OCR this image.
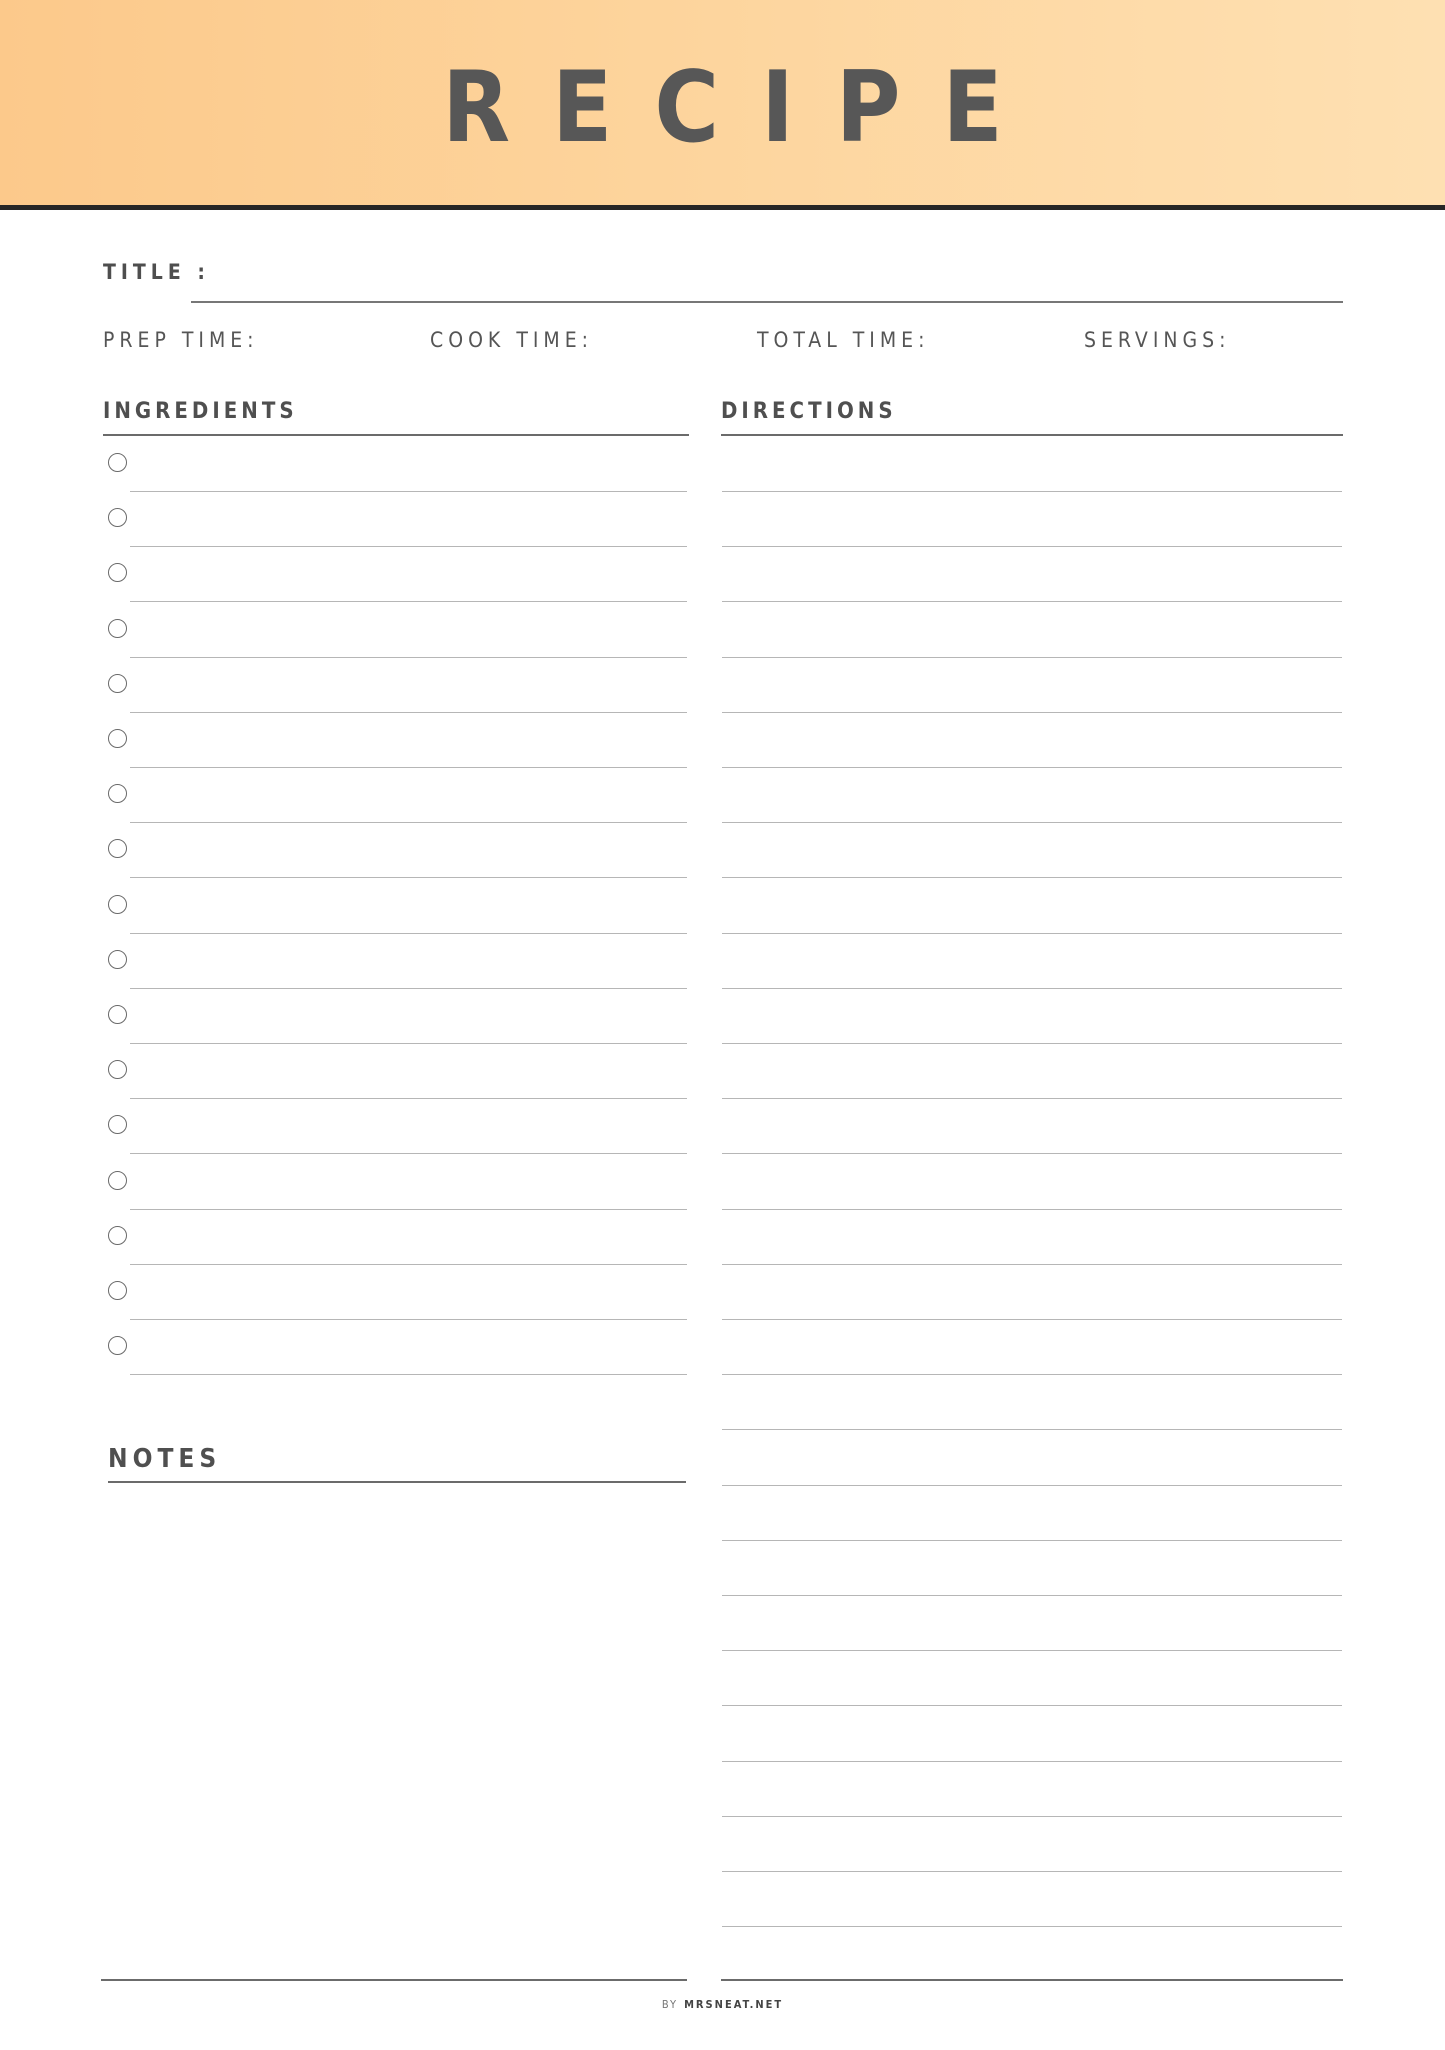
RECIPE
TITLE :
PREP TIME:	COOK TIME:	TOTAL TIME:	SERVINGS:
INGREDIENTS	DIRECTIONS
NOTES
BY MRSNEAT.NET
